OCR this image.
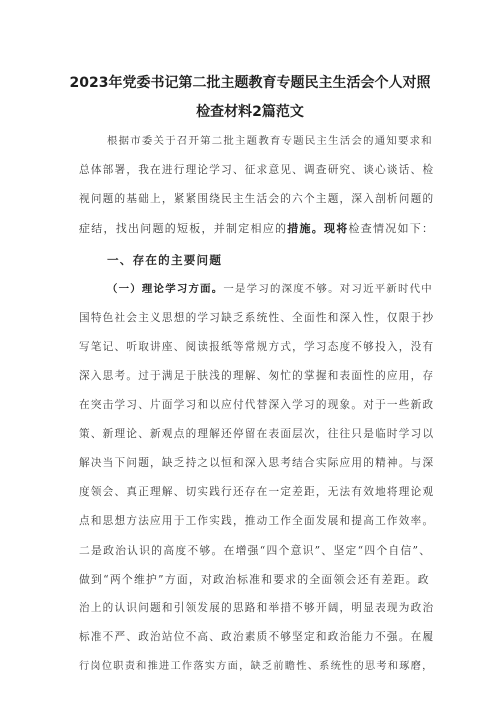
2023年党委书记第二批主题教育专题民主生活会个人对照
检查材料2篇范文

根据市委关于召开第二批主题教育专题民主生活会的通知要求和

总体部署，我在进行理论学习、征求意见、调查研究、谈心谈话、检

视问题的基础上，紧紧围绕民主生活会的六个主题，深入剖析问题的

症结，找出问题的短板，并制定相应的措施。现将检查情况如下：

一、存在的主要问题

（一）理论学习方面。一是学习的深度不够。对习近平新时代中

国特色社会主义思想的学习缺乏系统性、全面性和深入性，仅限于抄

写笔记、听取讲座、阅读报纸等常规方式，学习态度不够投入，没有

深入思考。过于满足于肤浅的理解、匆忙的掌握和表面性的应用，存

在突击学习、片面学习和以应付代替深入学习的现象。对于一些新政

策、新理论、新观点的理解还停留在表面层次，往往只是临时学习以

解决当下问题，缺乏持之以恒和深入思考结合实际应用的精神。与深

度领会、真正理解、切实践行还存在一定差距，无法有效地将理论观

点和思想方法应用于工作实践，推动工作全面发展和提高工作效率。

二是政治认识的高度不够。在增强“四个意识”、坚定“四个自信”、

做到“两个维护”方面，对政治标准和要求的全面领会还有差距。政

治上的认识问题和引领发展的思路和举措不够开阔，明显表现为政治

标准不严、政治站位不高、政治素质不够坚定和政治能力不强。在履

行岗位职责和推进工作落实方面，缺乏前瞻性、系统性的思考和琢磨，
